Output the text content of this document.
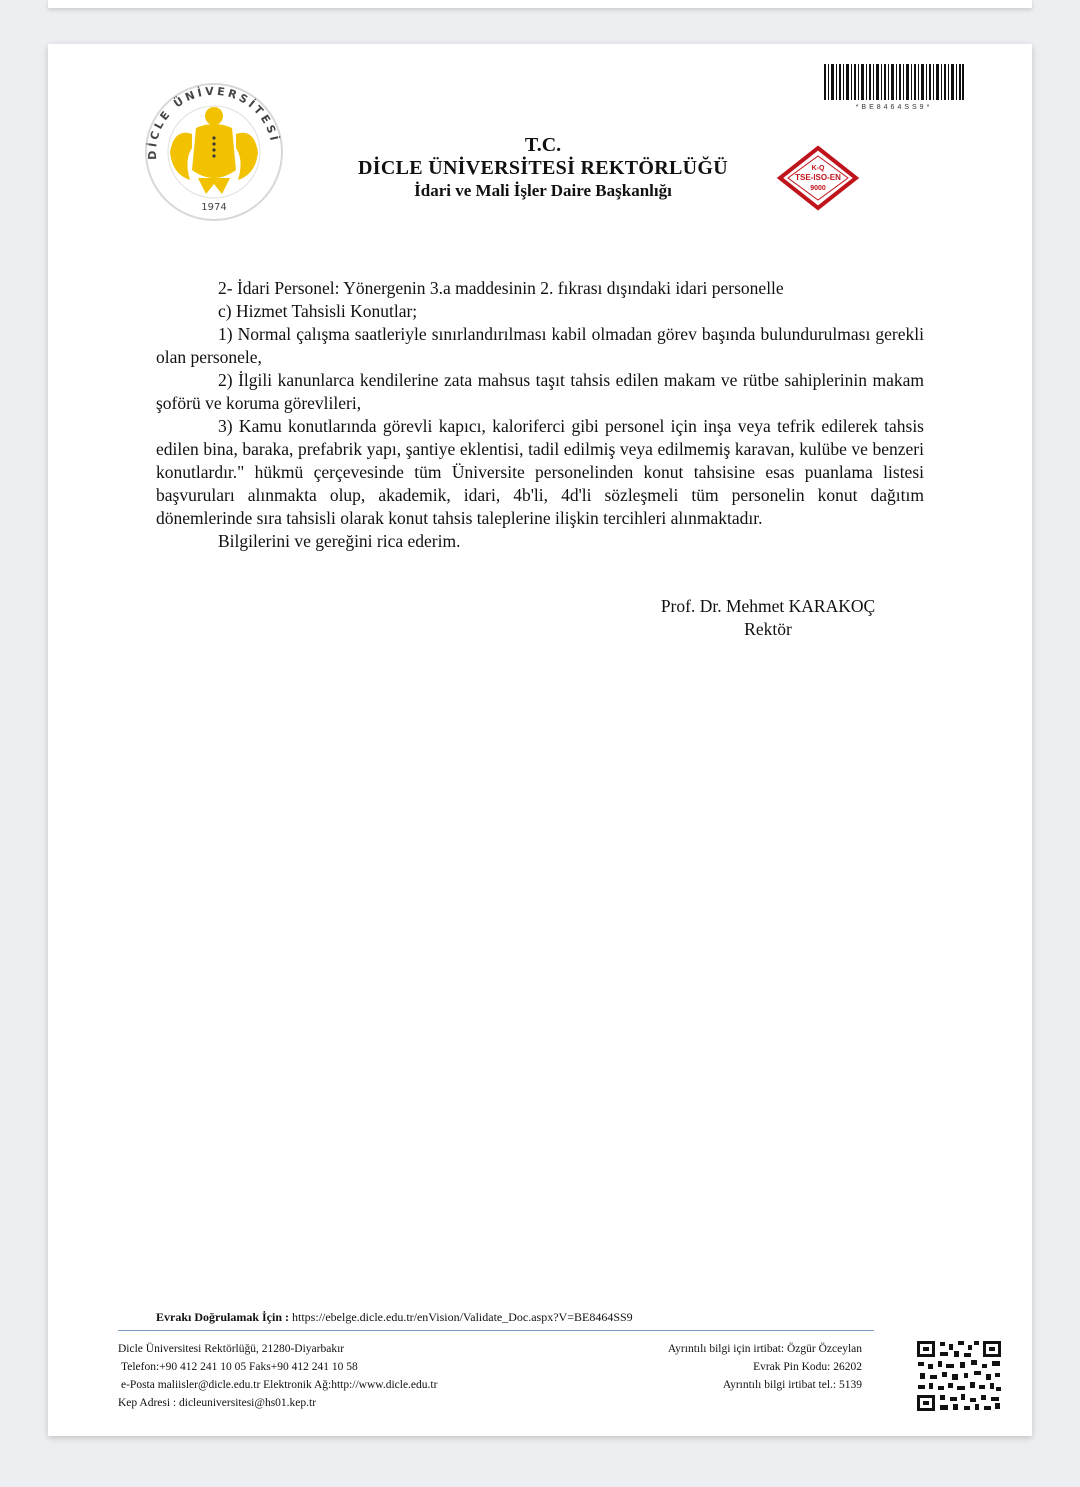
DİCLE ÜNİVERSİTESİ
1974
T.C.
DİCLE ÜNİVERSİTESİ REKTÖRLÜĞÜ
İdari ve Mali İşler Daire Başkanlığı
*BE8464SS9*
K-Q
TSE-ISO-EN
9000

2- İdari Personel: Yönergenin 3.a maddesinin 2. fıkrası dışındaki idari personelle

c) Hizmet Tahsisli Konutlar;

1) Normal çalışma saatleriyle sınırlandırılması kabil olmadan görev başında bulundurulması gerekli olan personele,

2) İlgili kanunlarca kendilerine zata mahsus taşıt tahsis edilen makam ve rütbe sahiplerinin makam şoförü ve koruma görevlileri,

3) Kamu konutlarında görevli kapıcı, kaloriferci gibi personel için inşa veya tefrik edilerek tahsis edilen bina, baraka, prefabrik yapı, şantiye eklentisi, tadil edilmiş veya edilmemiş karavan, kulübe ve benzeri konutlardır." hükmü çerçevesinde tüm Üniversite personelinden konut tahsisine esas puanlama listesi başvuruları alınmakta olup, akademik, idari, 4b'li, 4d'li sözleşmeli tüm personelin konut dağıtım dönemlerinde sıra tahsisli olarak konut tahsis taleplerine ilişkin tercihleri alınmaktadır.

Bilgilerini ve gereğini rica ederim.

Prof. Dr. Mehmet KARAKOÇ
Rektör
Evrakı Doğrulamak İçin : https://ebelge.dicle.edu.tr/enVision/Validate_Doc.aspx?V=BE8464SS9
Dicle Üniversitesi Rektörlüğü, 21280-Diyarbakır
Telefon:+90 412 241 10 05 Faks+90 412 241 10 58
e-Posta maliisler@dicle.edu.tr Elektronik Ağ:http://www.dicle.edu.tr
Kep Adresi : dicleuniversitesi@hs01.kep.tr
Ayrıntılı bilgi için irtibat: Özgür Özceylan
Evrak Pin Kodu: 26202
Ayrıntılı bilgi irtibat tel.: 5139
